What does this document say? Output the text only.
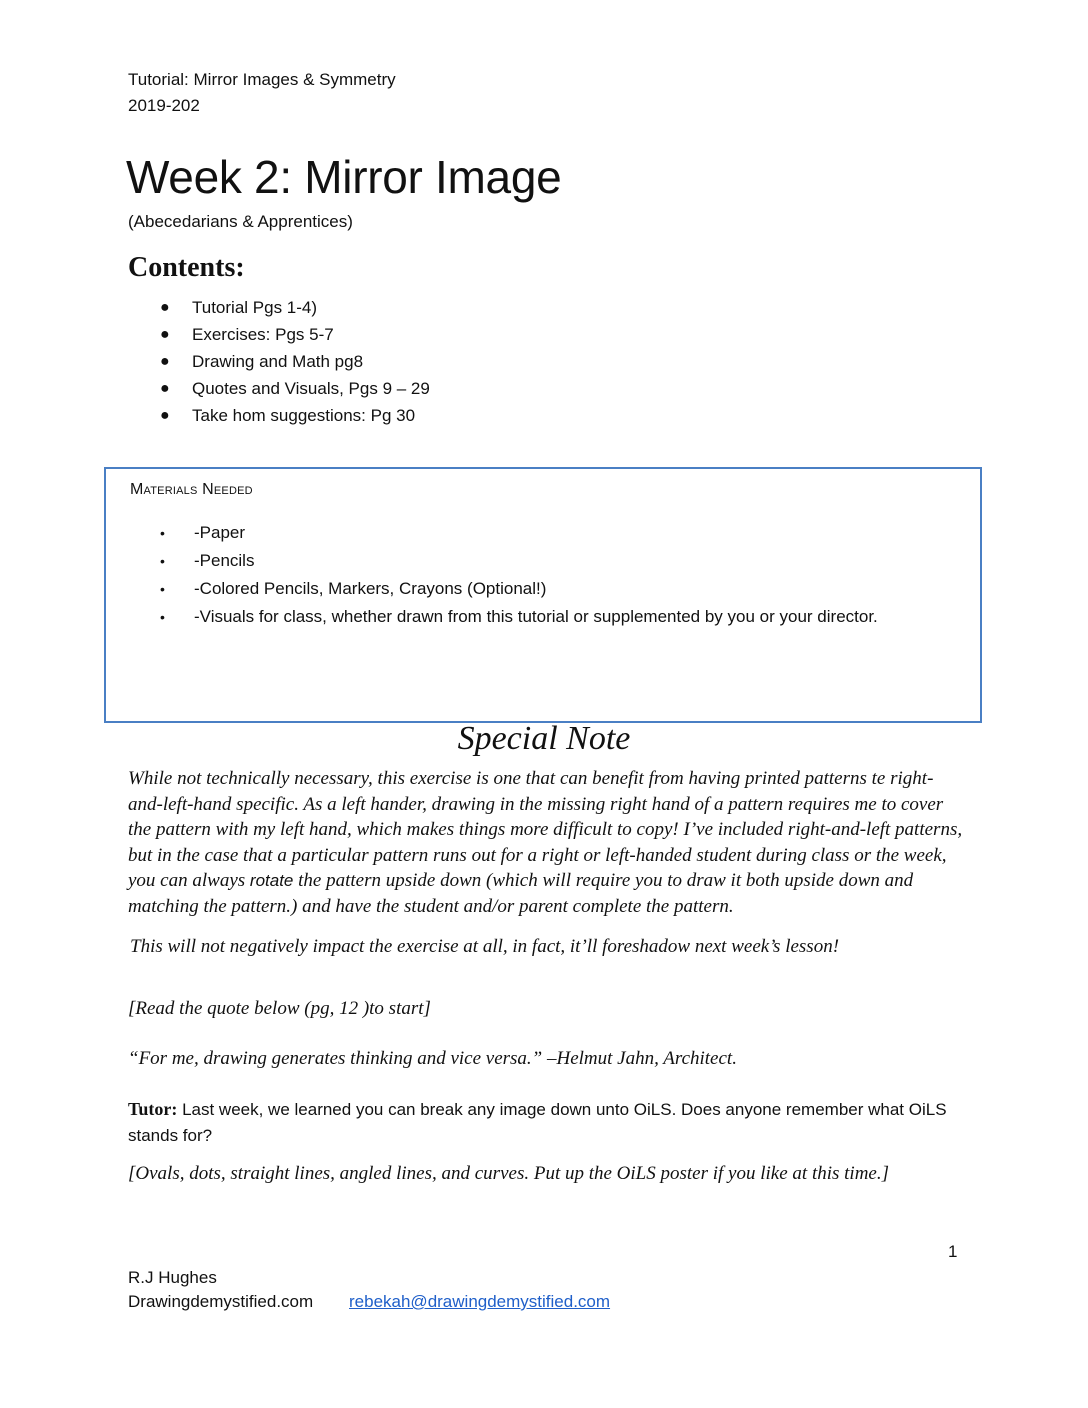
Tutorial: Mirror Images & Symmetry
2019-202
Week 2: Mirror Image
(Abecedarians & Apprentices)
Contents:
● Tutorial Pgs 1-4)
● Exercises: Pgs 5-7
● Drawing and Math pg8
● Quotes and Visuals, Pgs 9 – 29
● Take hom suggestions: Pg 30
Materials Needed
• -Paper
• -Pencils
• -Colored Pencils, Markers, Crayons (Optional!)
• -Visuals for class, whether drawn from this tutorial or supplemented by you or your director.
Special Note
While not technically necessary, this exercise is one that can benefit from having printed patterns te right-and-left-hand specific. As a left hander, drawing in the missing right hand of a pattern requires me to cover the pattern with my left hand, which makes things more difficult to copy! I’ve included right-and-left patterns, but in the case that a particular pattern runs out for a right or left-handed student during class or the week, you can always rotate the pattern upside down (which will require you to draw it both upside down and matching the pattern.) and have the student and/or parent complete the pattern.
This will not negatively impact the exercise at all, in fact, it’ll foreshadow next week’s lesson!
[Read the quote below (pg, 12 )to start]
“For me, drawing generates thinking and vice versa.” –Helmut Jahn, Architect.
Tutor: Last week, we learned you can break any image down unto OiLS. Does anyone remember what OiLS stands for?
[Ovals, dots, straight lines, angled lines, and curves. Put up the OiLS poster if you like at this time.]
1
R.J Hughes
Drawingdemystified.com rebekah@drawingdemystified.com
